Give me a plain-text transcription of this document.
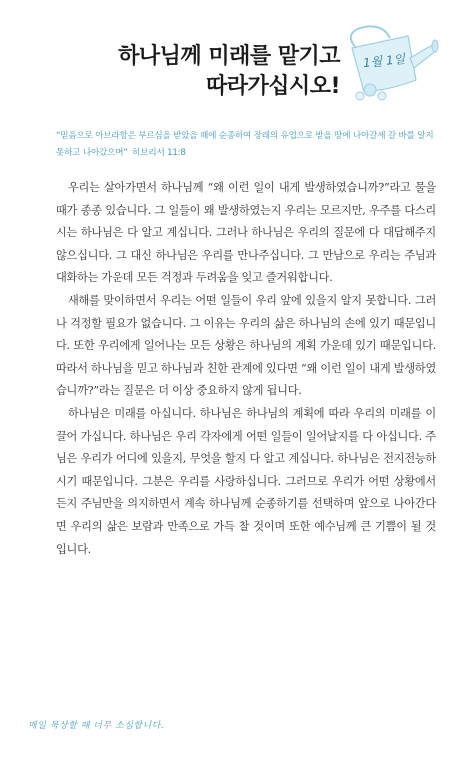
하나님께 미래를 맡기고
따라가십시오!
1월 1일
“믿음으로 아브라함은 부르심을 받았을 때에 순종하여 장래의 유업으로 받을 땅에 나아갈새 갈 바를 알지 못하고 나아갔으며” 히브리서 11:8

우리는 살아가면서 하나님께 “왜 이런 일이 내게 발생하였습니까?”라고 물을 때가 종종 있습니다. 그 일들이 왜 발생하였는지 우리는 모르지만, 우주를 다스리시는 하나님은 다 알고 계십니다. 그러나 하나님은 우리의 질문에 다 대답해주지 않으십니다. 그 대신 하나님은 우리를 만나주십니다. 그 만남으로 우리는 주님과 대화하는 가운데 모든 걱정과 두려움을 잊고 즐거워합니다.

새해를 맞이하면서 우리는 어떤 일들이 우리 앞에 있을지 알지 못합니다. 그러나 걱정할 필요가 없습니다. 그 이유는 우리의 삶은 하나님의 손에 있기 때문입니다. 또한 우리에게 일어나는 모든 상황은 하나님의 계획 가운데 있기 때문입니다. 따라서 하나님을 믿고 하나님과 친한 관계에 있다면 “왜 이런 일이 내게 발생하였습니까?”라는 질문은 더 이상 중요하지 않게 됩니다.

하나님은 미래를 아십니다. 하나님은 하나님의 계획에 따라 우리의 미래를 이끌어 가십니다. 하나님은 우리 각자에게 어떤 일들이 일어날지를 다 아십니다. 주님은 우리가 어디에 있을지, 무엇을 할지 다 알고 계십니다. 하나님은 전지전능하시기 때문입니다. 그분은 우리를 사랑하십니다. 그러므로 우리가 어떤 상황에서든지 주님만을 의지하면서 계속 하나님께 순종하기를 선택하며 앞으로 나아간다면 우리의 삶은 보람과 만족으로 가득 찰 것이며 또한 예수님께 큰 기쁨이 될 것입니다.

매일 묵상할 때 너무 소심합니다.
